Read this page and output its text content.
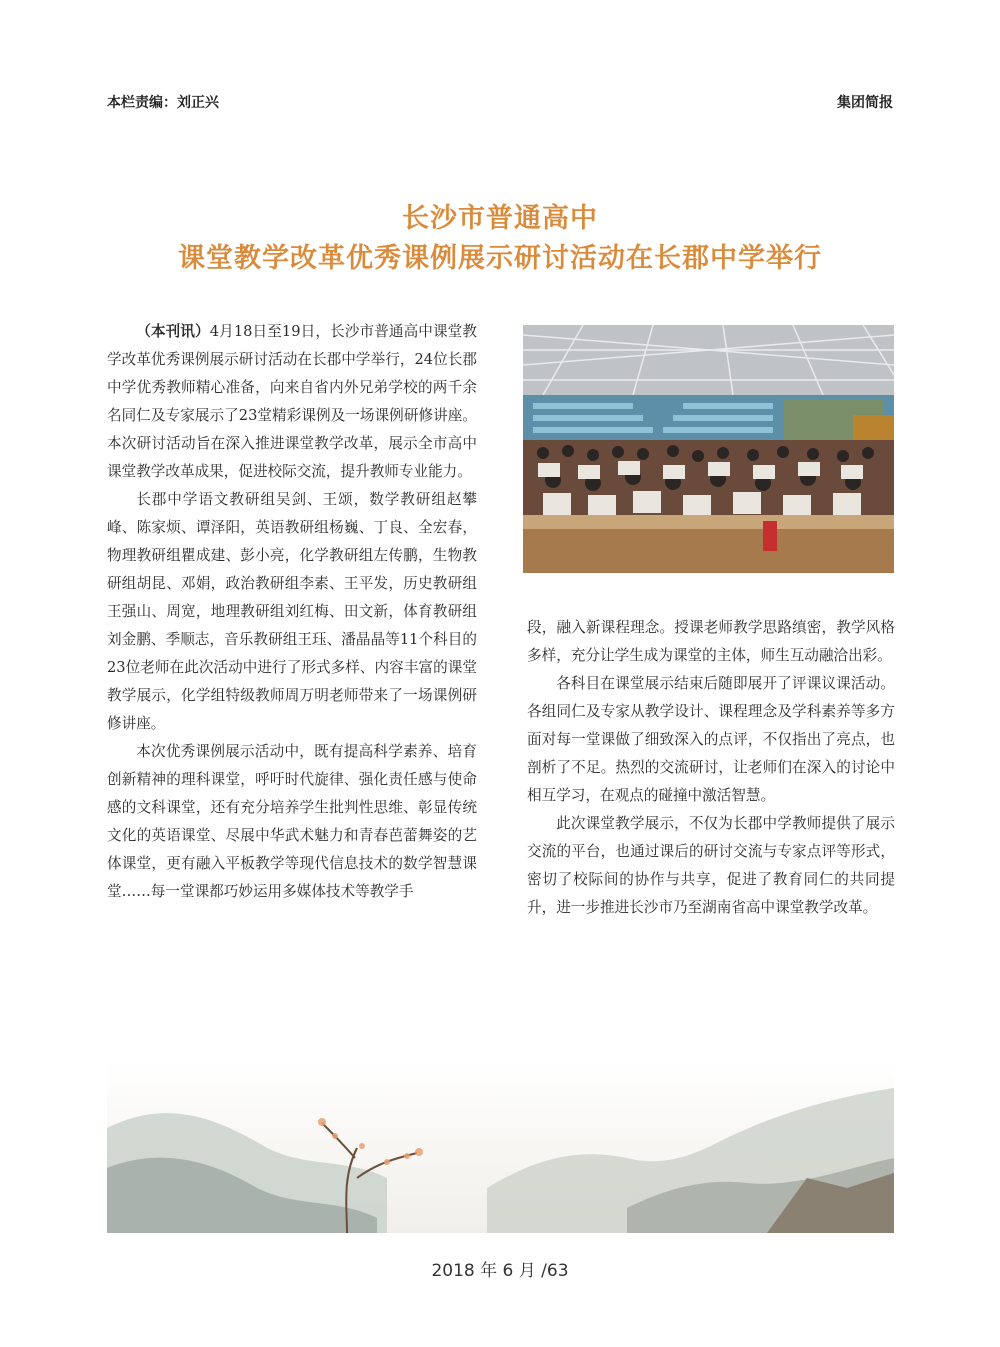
本栏责编：刘正兴	集团简报
长沙市普通高中
课堂教学改革优秀课例展示研讨活动在长郡中学举行

（本刊讯）4月18日至19日，长沙市普通高中课堂教学改革优秀课例展示研讨活动在长郡中学举行，24位长郡中学优秀教师精心准备，向来自省内外兄弟学校的两千余名同仁及专家展示了23堂精彩课例及一场课例研修讲座。本次研讨活动旨在深入推进课堂教学改革，展示全市高中课堂教学改革成果，促进校际交流，提升教师专业能力。

长郡中学语文教研组吴剑、王颂，数学教研组赵攀峰、陈家烦、谭泽阳，英语教研组杨巍、丁良、全宏春，物理教研组瞿成建、彭小亮，化学教研组左传鹏，生物教研组胡昆、邓娟，政治教研组李素、王平发，历史教研组王强山、周宽，地理教研组刘红梅、田文新，体育教研组刘金鹏、季顺志，音乐教研组王珏、潘晶晶等11个科目的23位老师在此次活动中进行了形式多样、内容丰富的课堂教学展示，化学组特级教师周万明老师带来了一场课例研修讲座。

本次优秀课例展示活动中，既有提高科学素养、培育创新精神的理科课堂，呼吁时代旋律、强化责任感与使命感的文科课堂，还有充分培养学生批判性思维、彰显传统文化的英语课堂、尽展中华武术魅力和青春芭蕾舞姿的艺体课堂，更有融入平板教学等现代信息技术的数学智慧课堂……每一堂课都巧妙运用多媒体技术等教学手

段，融入新课程理念。授课老师教学思路缜密，教学风格多样，充分让学生成为课堂的主体，师生互动融洽出彩。

各科目在课堂展示结束后随即展开了评课议课活动。各组同仁及专家从教学设计、课程理念及学科素养等多方面对每一堂课做了细致深入的点评，不仅指出了亮点，也剖析了不足。热烈的交流研讨，让老师们在深入的讨论中相互学习，在观点的碰撞中激活智慧。

此次课堂教学展示，不仅为长郡中学教师提供了展示交流的平台，也通过课后的研讨交流与专家点评等形式，密切了校际间的协作与共享，促进了教育同仁的共同提升，进一步推进长沙市乃至湖南省高中课堂教学改革。

2018 年 6 月 /63
